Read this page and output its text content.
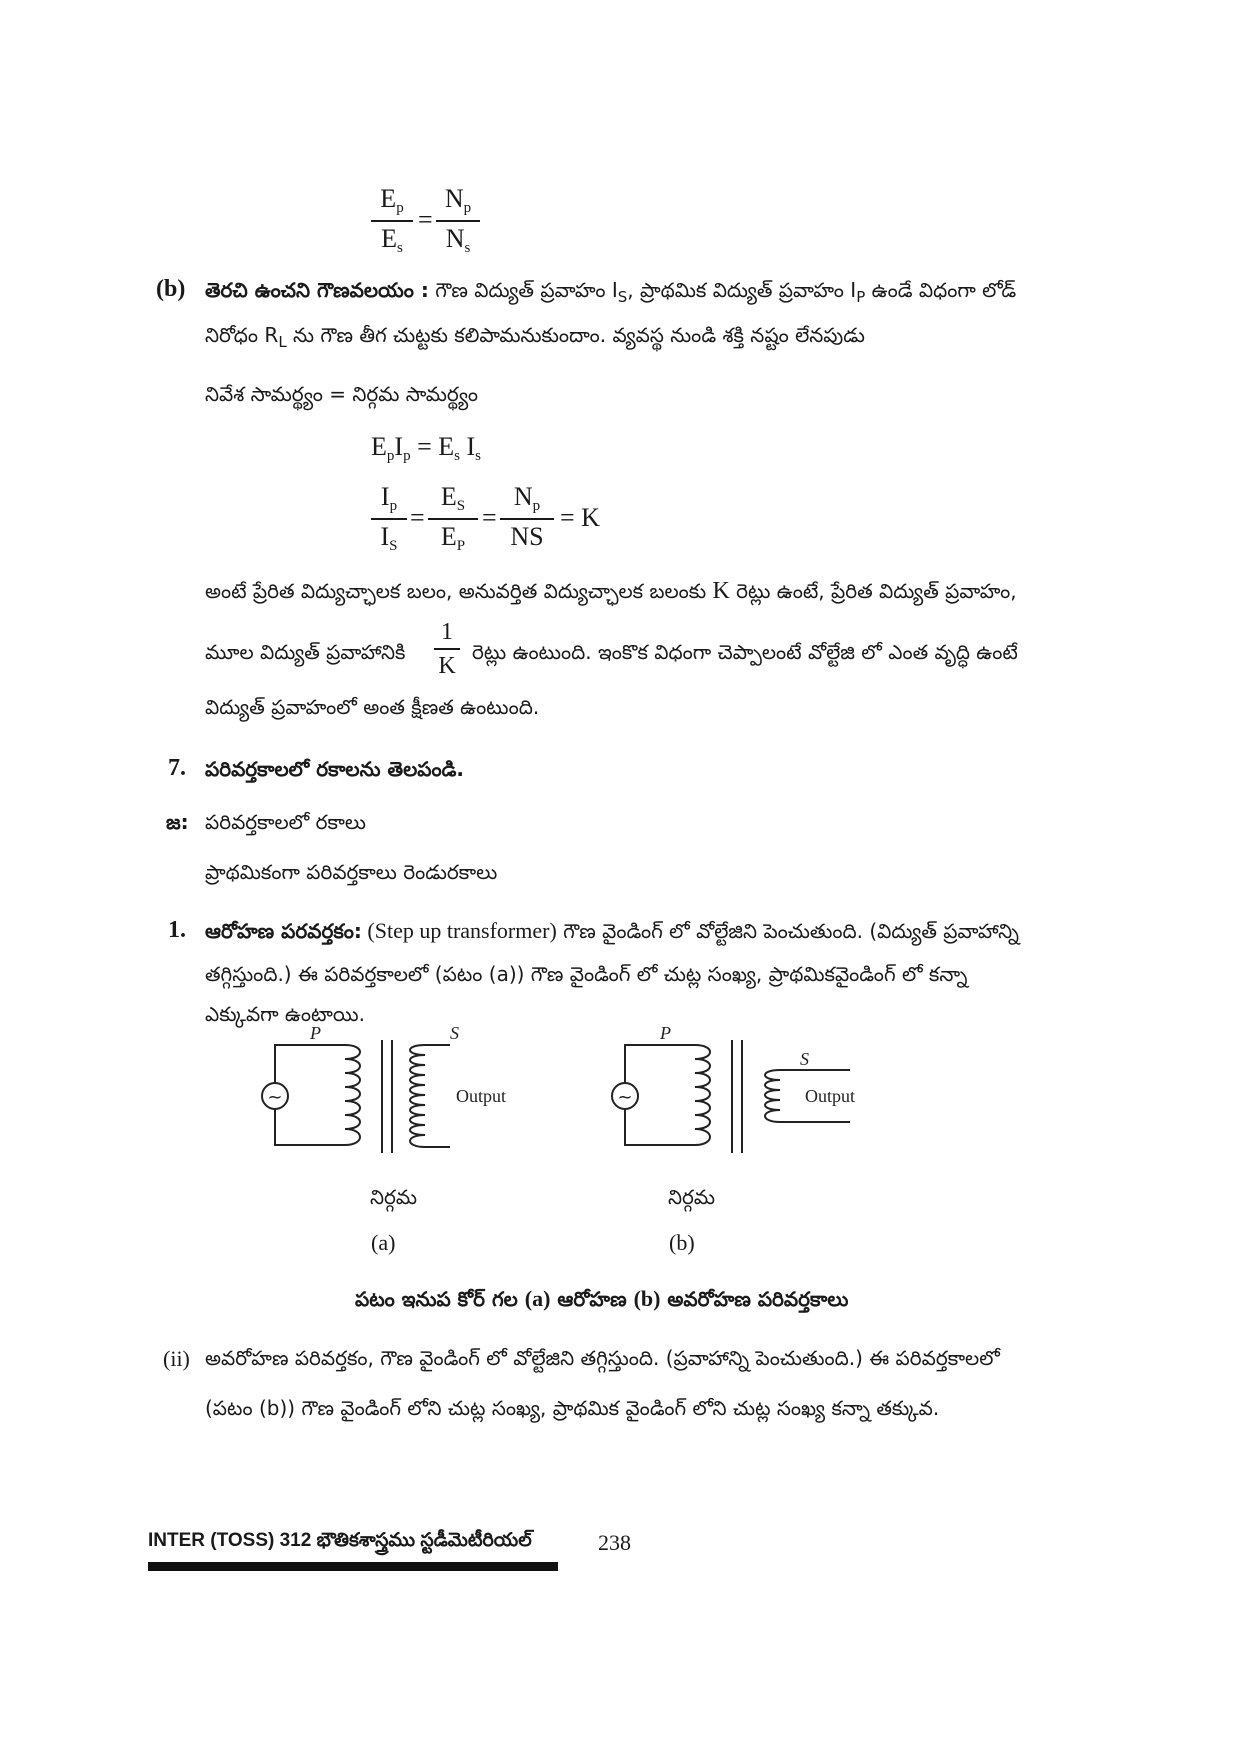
$E_p$
$E_s$
=
$N_p$
$N_s$
(b) తెరచి ఉంచని గౌణవలయం : గౌణ విద్యుత్ ప్రవాహం $I_S$, ప్రాథమిక విద్యుత్ ప్రవాహం $I_P$ ఉండే విధంగా లోడ్
నిరోధం $R_L$ ను గౌణ తీగ చుట్టకు కలిపామనుకుందాం. వ్యవస్థ నుండి శక్తి నష్టం లేనపుడు
నివేశ సామర్థ్యం = నిర్గమ సామర్థ్యం
$E_pI_p = E_s$ $I_s$
$I_p$
$I_S$
=
$E_S$
$E_P$
=
$N_p$
NS
= K
అంటే ప్రేరిత విద్యుచ్ఛాలక బలం, అనువర్తిత విద్యుచ్ఛాలక బలంకు K రెట్లు ఉంటే, ప్రేరిత విద్యుత్ ప్రవాహం,
మూల విద్యుత్ ప్రవాహానికి
1
K
రెట్లు ఉంటుంది. ఇంకొక విధంగా చెప్పాలంటే వోల్టేజి లో ఎంత వృద్ధి ఉంటే
విద్యుత్ ప్రవాహంలో అంత క్షీణత ఉంటుంది.
7. పరివర్తకాలలో రకాలను తెలపండి.
జ: పరివర్తకాలలో రకాలు
ప్రాథమికంగా పరివర్తకాలు రెండురకాలు
1. ఆరోహణ పరవర్తకం: (Step up transformer) గౌణ వైండింగ్ లో వోల్టేజిని పెంచుతుంది. (విద్యుత్ ప్రవాహాన్ని
తగ్గిస్తుంది.) ఈ పరివర్తకాలలో (పటం (a)) గౌణ వైండింగ్ లో చుట్ల సంఖ్య, ప్రాథమికవైండింగ్ లో కన్నా
ఎక్కువగా ఉంటాయి.
~
P	S
Output	~
P
S
Output
నిర్గమ
(a)
నిర్గమ
(b)
పటం ఇనుప కోర్ గల (a) ఆరోహణ (b) అవరోహణ పరివర్తకాలు
(ii) అవరోహణ పరివర్తకం, గౌణ వైండింగ్ లో వోల్టేజిని తగ్గిస్తుంది. (ప్రవాహాన్ని పెంచుతుంది.) ఈ పరివర్తకాలలో
(పటం (b)) గౌణ వైండింగ్ లోని చుట్ల సంఖ్య, ప్రాథమిక వైండింగ్ లోని చుట్ల సంఖ్య కన్నా తక్కువ.
INTER (TOSS) 312 భౌతికశాస్త్రము స్టడీమెటీరియల్	238
